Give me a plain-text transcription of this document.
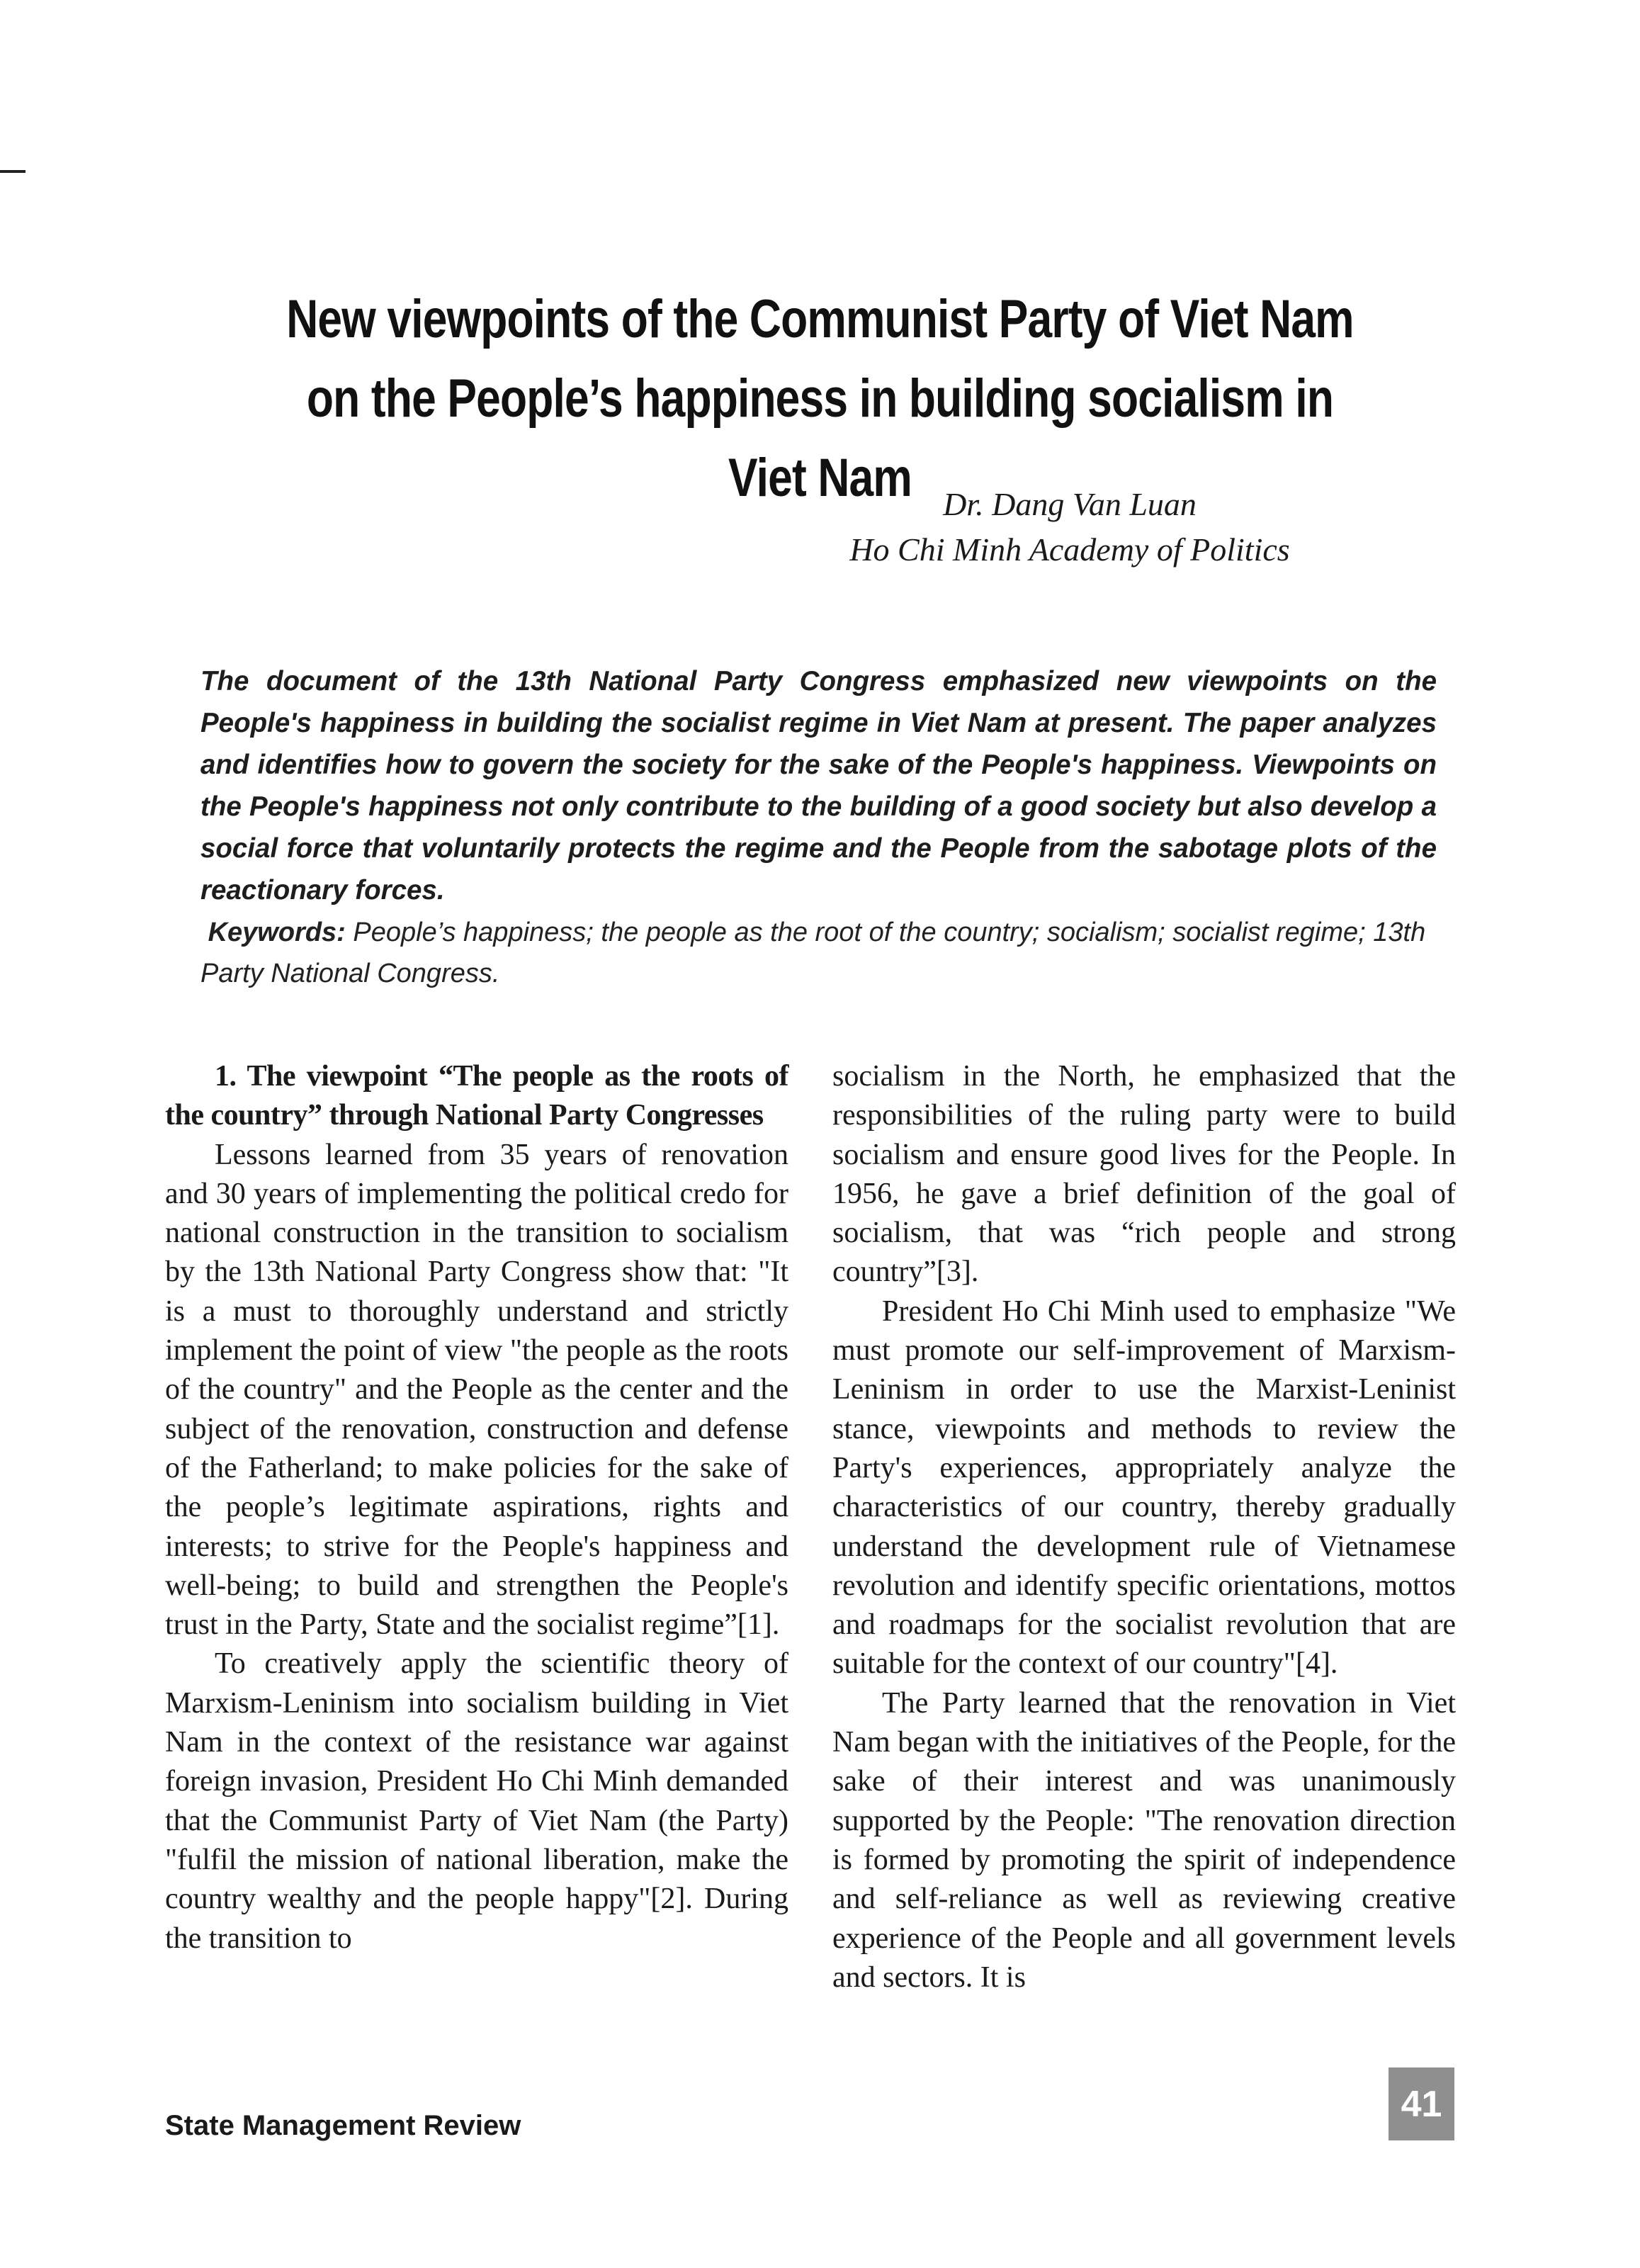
New viewpoints of the Communist Party of Viet Nam
on the People’s happiness in building socialism in Viet Nam Dr. Dang Van Luan
Ho Chi Minh Academy of Politics

The document of the 13th National Party Congress emphasized new viewpoints on the People's happiness in building the socialist regime in Viet Nam at present. The paper analyzes and identifies how to govern the society for the sake of the People's happiness. Viewpoints on the People's happiness not only contribute to the building of a good society but also develop a social force that voluntarily protects the regime and the People from the sabotage plots of the reactionary forces.

Keywords: People’s happiness; the people as the root of the country; socialism; socialist regime; 13th Party National Congress.

1. The viewpoint “The people as the roots of the country” through National Party Congresses

Lessons learned from 35 years of renovation and 30 years of implementing the political credo for national construction in the transition to socialism by the 13th National Party Congress show that: "It is a must to thoroughly understand and strictly implement the point of view "the people as the roots of the country" and the People as the center and the subject of the renovation, construction and defense of the Fatherland; to make policies for the sake of the people’s legitimate aspirations, rights and interests; to strive for the People's happiness and well-being; to build and strengthen the People's trust in the Party, State and the socialist regime”[1].

To creatively apply the scientific theory of Marxism-Leninism into socialism building in Viet Nam in the context of the resistance war against foreign invasion, President Ho Chi Minh demanded that the Communist Party of Viet Nam (the Party) "fulfil the mission of national liberation, make the country wealthy and the people happy"[2]. During the transition to

socialism in the North, he emphasized that the responsibilities of the ruling party were to build socialism and ensure good lives for the People. In 1956, he gave a brief definition of the goal of socialism, that was “rich people and strong country”[3].

President Ho Chi Minh used to emphasize "We must promote our self-improvement of Marxism-Leninism in order to use the Marxist-Leninist stance, viewpoints and methods to review the Party's experiences, appropriately analyze the characteristics of our country, thereby gradually understand the development rule of Vietnamese revolution and identify specific orientations, mottos and roadmaps for the socialist revolution that are suitable for the context of our country"[4].

The Party learned that the renovation in Viet Nam began with the initiatives of the People, for the sake of their interest and was unanimously supported by the People: "The renovation direction is formed by promoting the spirit of independence and self-reliance as well as reviewing creative experience of the People and all government levels and sectors. It is

State Management Review
41
